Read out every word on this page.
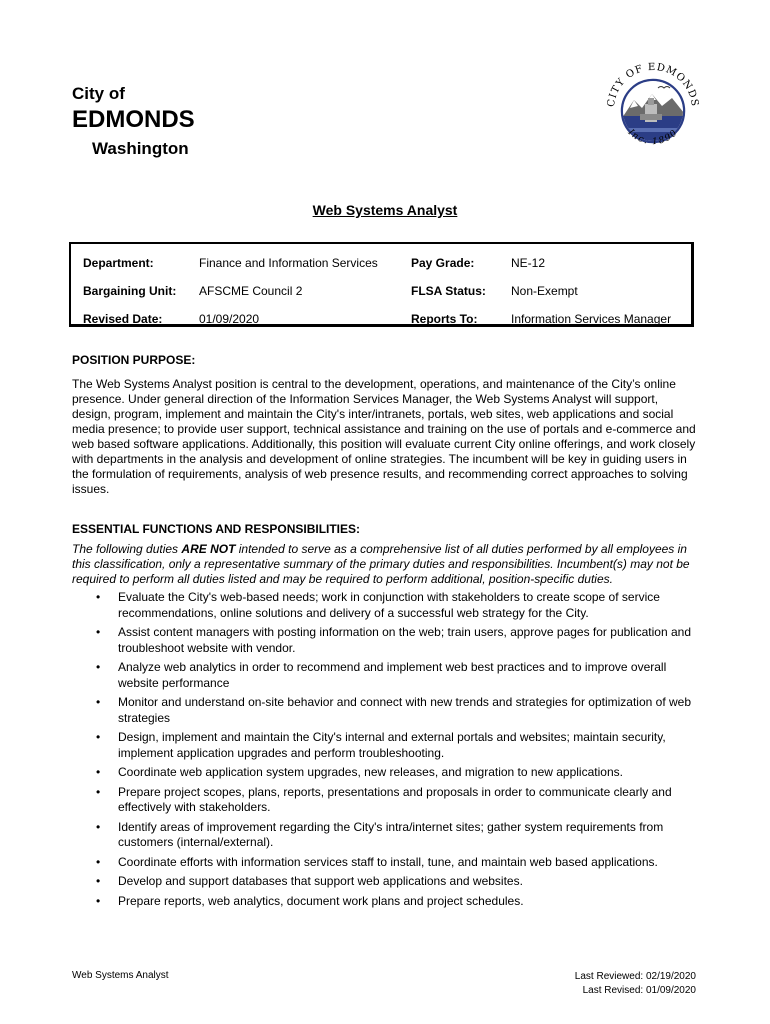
City of
EDMONDS
Washington
CITY OF EDMONDS
Inc. 1890
Web Systems Analyst
Department:	Finance and Information Services	Pay Grade:	NE-12
Bargaining Unit: AFSCME Council 2	FLSA Status: Non-Exempt
Revised Date:	01/09/2020	Reports To:	Information Services Manager
POSITION PURPOSE:

The Web Systems Analyst position is central to the development, operations, and maintenance of the City’s online presence. Under general direction of the Information Services Manager, the Web Systems Analyst will support, design, program, implement and maintain the City's inter/intranets, portals, web sites, web applications and social media presence; to provide user support, technical assistance and training on the use of portals and e-commerce and web based software applications. Additionally, this position will evaluate current City online offerings, and work closely with departments in the analysis and development of online strategies. The incumbent will be key in guiding users in the formulation of requirements, analysis of web presence results, and recommending correct approaches to solving issues.

ESSENTIAL FUNCTIONS AND RESPONSIBILITIES:
The following duties ARE NOT intended to serve as a comprehensive list of all duties performed by all employees in this classification, only a representative summary of the primary duties and responsibilities. Incumbent(s) may not be required to perform all duties listed and may be required to perform additional, position-specific duties.
• Evaluate the City's web-based needs; work in conjunction with stakeholders to create scope of service recommendations, online solutions and delivery of a successful web strategy for the City.
• Assist content managers with posting information on the web; train users, approve pages for publication and troubleshoot website with vendor.
• Analyze web analytics in order to recommend and implement web best practices and to improve overall website performance
• Monitor and understand on-site behavior and connect with new trends and strategies for optimization of web strategies
• Design, implement and maintain the City's internal and external portals and websites; maintain security, implement application upgrades and perform troubleshooting.
• Coordinate web application system upgrades, new releases, and migration to new applications.
• Prepare project scopes, plans, reports, presentations and proposals in order to communicate clearly and effectively with stakeholders.
• Identify areas of improvement regarding the City's intra/internet sites; gather system requirements from customers (internal/external).
• Coordinate efforts with information services staff to install, tune, and maintain web based applications.
• Develop and support databases that support web applications and websites.
• Prepare reports, web analytics, document work plans and project schedules.
Web Systems Analyst	Last Reviewed: 02/19/2020
Last Revised: 01/09/2020
